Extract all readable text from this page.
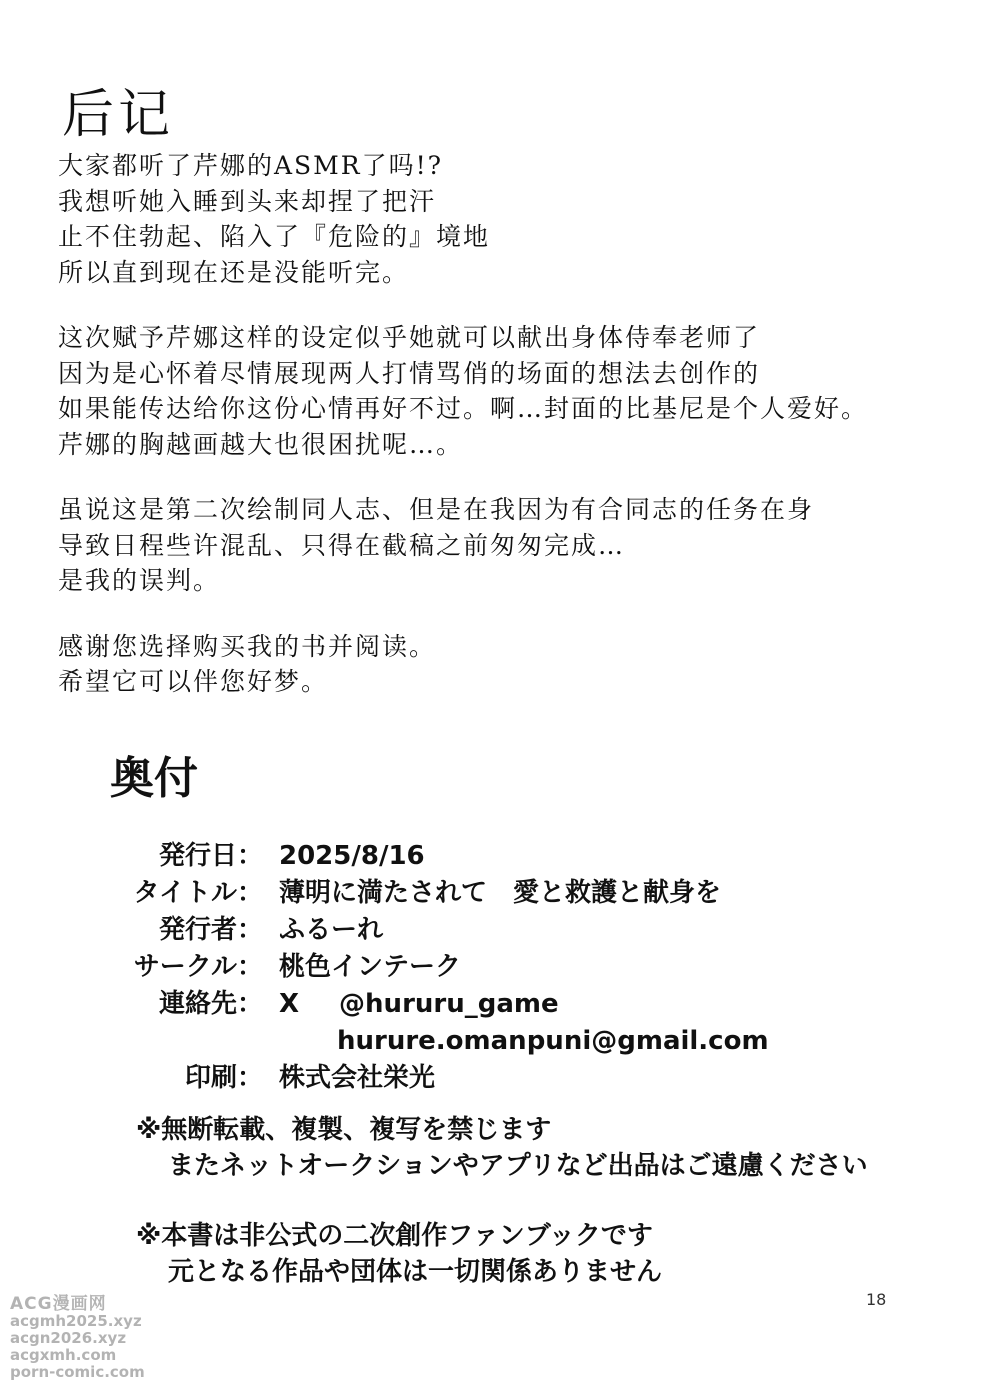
后记

大家都听了芹娜的ASMR了吗!?
我想听她入睡到头来却捏了把汗
止不住勃起、陷入了『危险的』境地
所以直到现在还是没能听完。

这次赋予芹娜这样的设定似乎她就可以献出身体侍奉老师了
因为是心怀着尽情展现两人打情骂俏的场面的想法去创作的
如果能传达给你这份心情再好不过。啊…封面的比基尼是个人爱好。
芹娜的胸越画越大也很困扰呢…。

虽说这是第二次绘制同人志、但是在我因为有合同志的任务在身
导致日程些许混乱、只得在截稿之前匆匆完成…
是我的误判。

感谢您选择购买我的书并阅读。
希望它可以伴您好梦。

奥付
発行日： 2025/8/16
タイトル： 薄明に満たされて　愛と救護と献身を
発行者： ふるーれ
サークル： 桃色インテーク
連絡先： X @hururu_game
hurure.omanpuni@gmail.com
印刷： 株式会社栄光
※無断転載、複製、複写を禁じます
またネットオークションやアプリなど出品はご遠慮ください
※本書は非公式の二次創作ファンブックです
元となる作品や団体は一切関係ありません
18
ACG漫画网
acgmh2025.xyz
acgn2026.xyz
acgxmh.com
porn-comic.com
